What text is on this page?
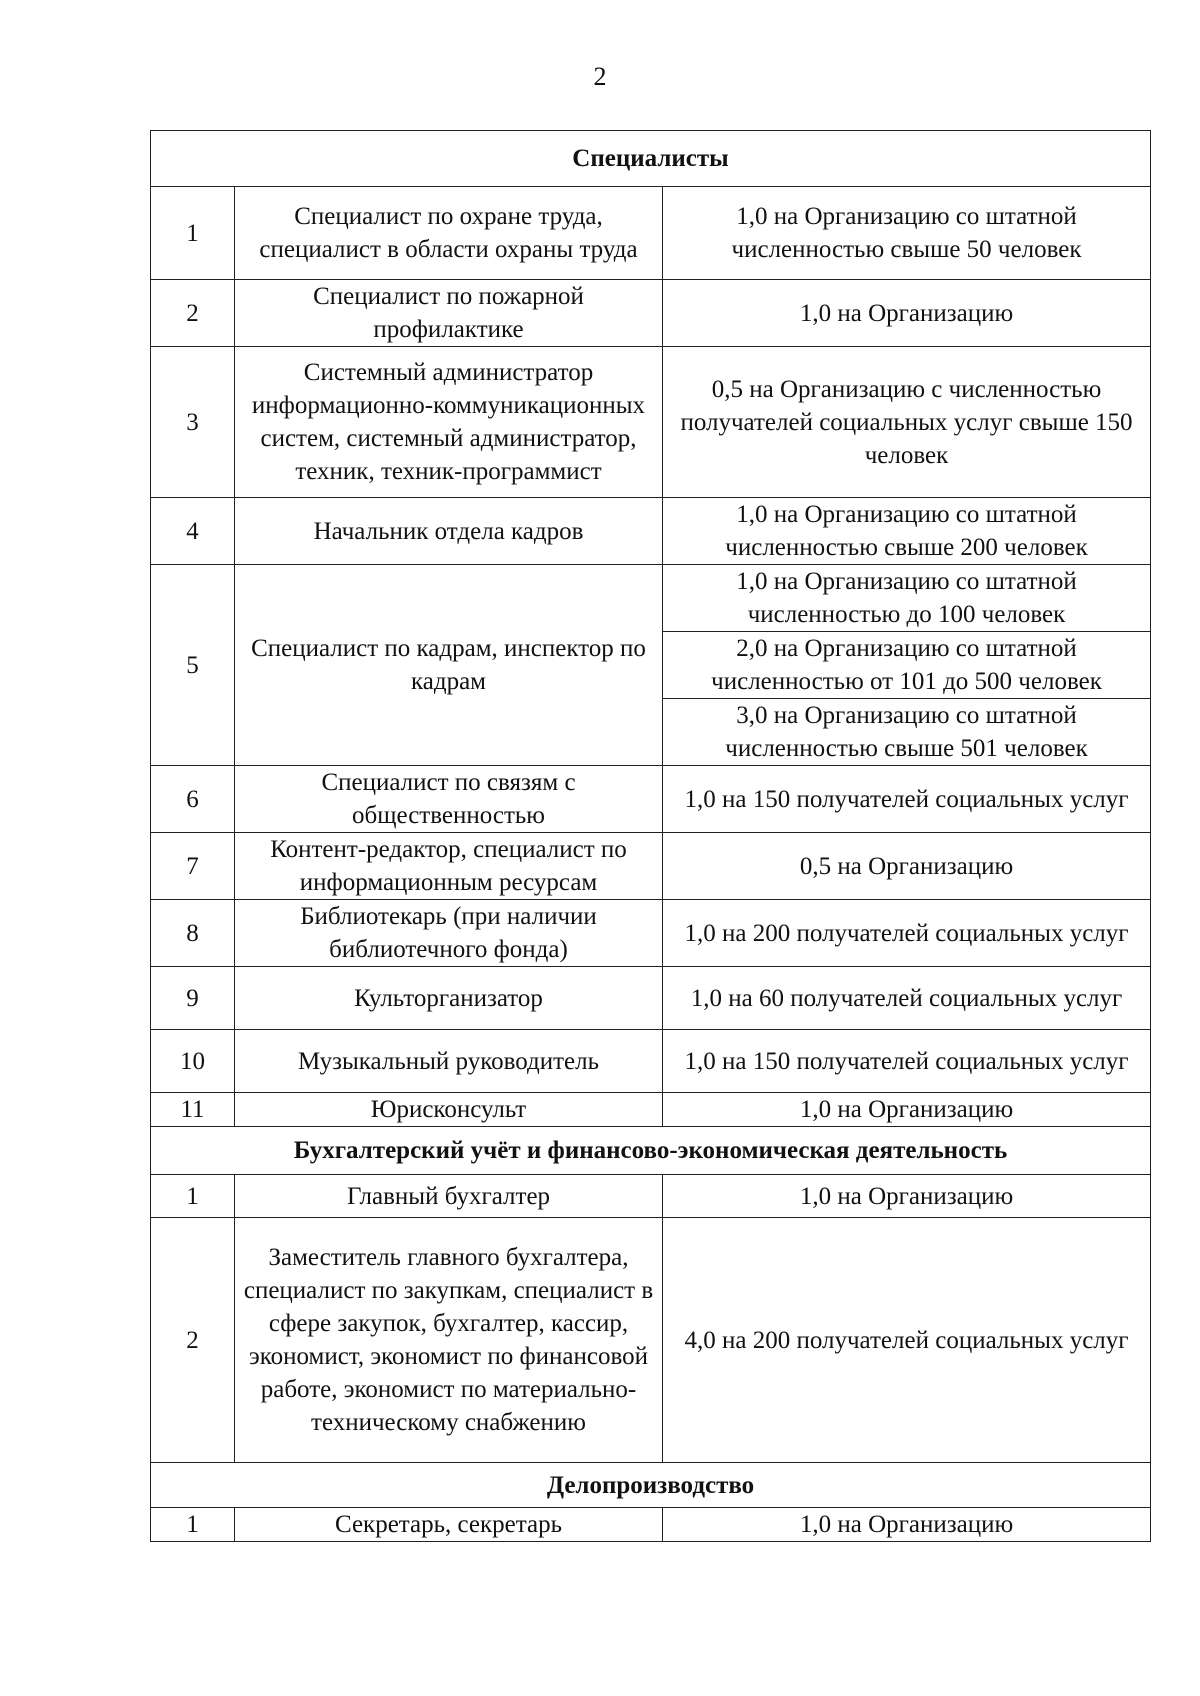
2
Специалисты		
1	Специалист по охране труда, специалист в области охраны труда	1,0 на Организацию со штатной численностью свыше 50 человек
2	Специалист по пожарной профилактике	1,0 на Организацию
3	Системный администратор информационно-коммуникационных систем, системный администратор, техник, техник-программист	0,5 на Организацию с численностью получателей социальных услуг свыше 150 человек
4	Начальник отдела кадров	1,0 на Организацию со штатной численностью свыше 200 человек
5	Специалист по кадрам, инспектор по кадрам	1,0 на Организацию со штатной численностью до 100 человек
		2,0 на Организацию со штатной численностью от 101 до 500 человек
		3,0 на Организацию со штатной численностью свыше 501 человек
6	Специалист по связям с общественностью	1,0 на 150 получателей социальных услуг
7	Контент-редактор, специалист по информационным ресурсам	0,5 на Организацию
8	Библиотекарь (при наличии библиотечного фонда)	1,0 на 200 получателей социальных услуг
9	Культорганизатор	1,0 на 60 получателей социальных услуг
10	Музыкальный руководитель	1,0 на 150 получателей социальных услуг
11	Юрисконсульт	1,0 на Организацию
Бухгалтерский учёт и финансово-экономическая деятельность		
1	Главный бухгалтер	1,0 на Организацию
2	Заместитель главного бухгалтера, специалист по закупкам, специалист в сфере закупок, бухгалтер, кассир, экономист, экономист по финансовой работе, экономист по материально-техническому снабжению	4,0 на 200 получателей социальных услуг
Делопроизводство		
1	Секретарь, секретарь	1,0 на Организацию
